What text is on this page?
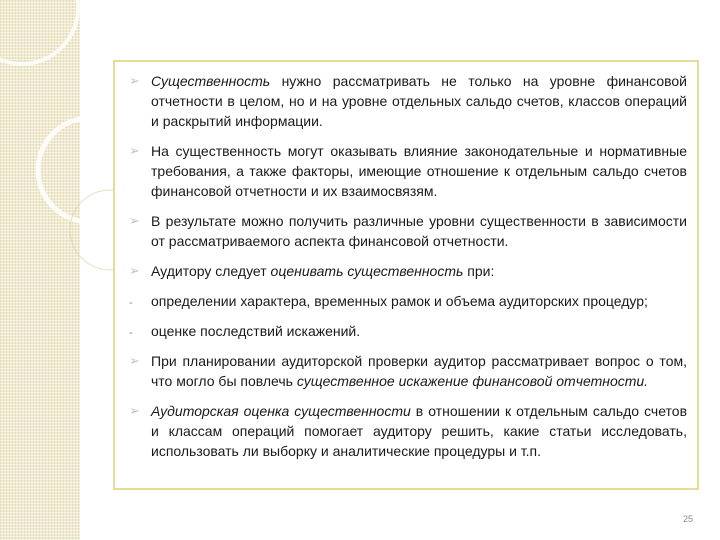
➢ Существенность нужно рассматривать не только на уровне финансовой отчетности в целом, но и на уровне отдельных сальдо счетов, классов операций и раскрытий информации.

➢ На существенность могут оказывать влияние законодательные и нормативные требования, а также факторы, имеющие отношение к отдельным сальдо счетов финансовой отчетности и их взаимосвязям.

➢ В результате можно получить различные уровни существенности в зависимости от рассматриваемого аспекта финансовой отчетности.

➢ Аудитору следует оценивать существенность при:

- определении характера, временных рамок и объема аудиторских процедур;

- оценке последствий искажений.

➢ При планировании аудиторской проверки аудитор рассматривает вопрос о том, что могло бы повлечь существенное искажение финансовой отчетности.

➢ Аудиторская оценка существенности в отношении к отдельным сальдо счетов и классам операций помогает аудитору решить, какие статьи исследовать, использовать ли выборку и аналитические процедуры и т.п.

25
